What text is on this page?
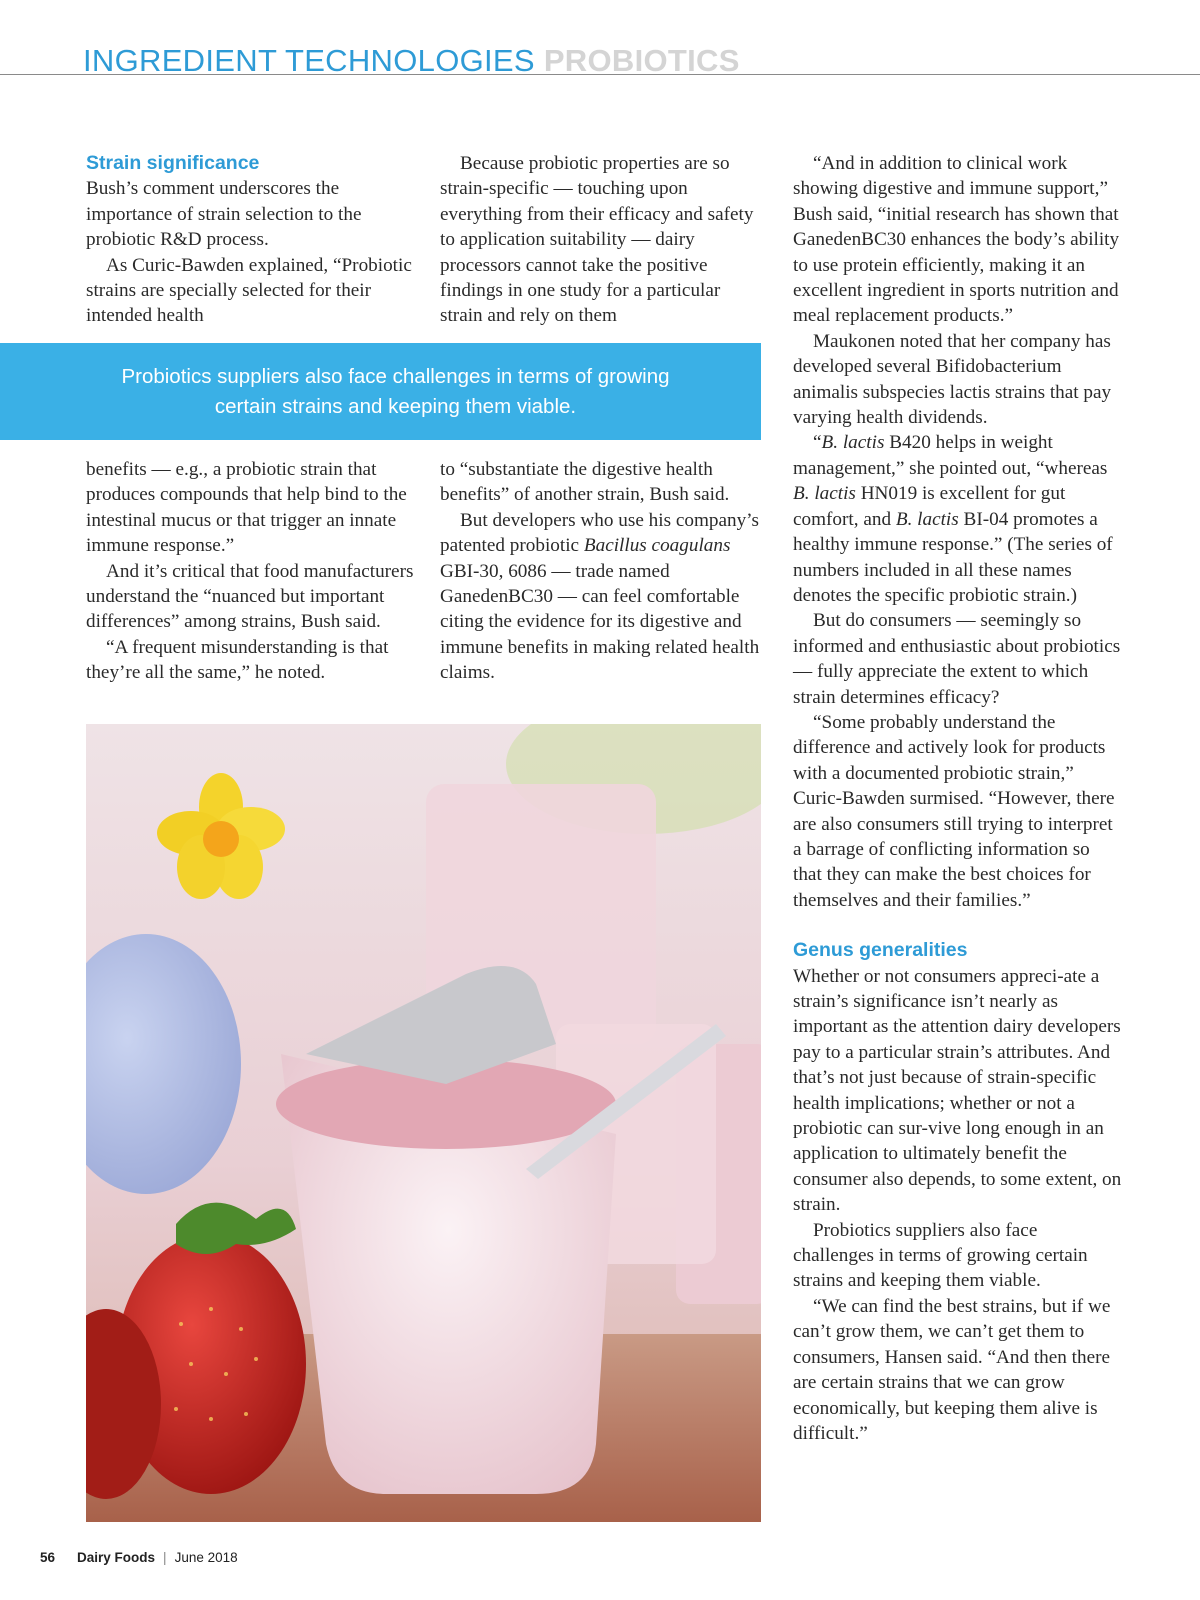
INGREDIENT TECHNOLOGIES PROBIOTICS
Strain significance

Bush’s comment underscores the importance of strain selection to the probiotic R&D process.

As Curic-Bawden explained, “Probiotic strains are specially selected for their intended health

Because probiotic properties are so strain-specific — touching upon everything from their efficacy and safety to application suitability — dairy processors cannot take the positive findings in one study for a particular strain and rely on them

Probiotics suppliers also face challenges in terms of growing certain strains and keeping them viable.

benefits — e.g., a probiotic strain that produces compounds that help bind to the intestinal mucus or that trigger an innate immune response.”

And it’s critical that food manufacturers understand the “nuanced but important differences” among strains, Bush said.

“A frequent misunderstanding is that they’re all the same,” he noted.

to “substantiate the digestive health benefits” of another strain, Bush said.

But developers who use his company’s patented probiotic Bacillus coagulans GBI-30, 6086 — trade named GanedenBC30 — can feel comfortable citing the evidence for its digestive and immune benefits in making related health claims.

“And in addition to clinical work showing digestive and immune support,” Bush said, “initial research has shown that GanedenBC30 enhances the body’s ability to use protein efficiently, making it an excellent ingredient in sports nutrition and meal replacement products.”

Maukonen noted that her company has developed several Bifidobacterium animalis subspecies lactis strains that pay varying health dividends.

“B. lactis B420 helps in weight management,” she pointed out, “whereas B. lactis HN019 is excellent for gut comfort, and B. lactis BI-04 promotes a healthy immune response.” (The series of numbers included in all these names denotes the specific probiotic strain.)

But do consumers — seemingly so informed and enthusiastic about probiotics — fully appreciate the extent to which strain determines efficacy?

“Some probably understand the difference and actively look for products with a documented probiotic strain,” Curic-Bawden surmised. “However, there are also consumers still trying to interpret a barrage of conflicting information so that they can make the best choices for themselves and their families.”

Genus generalities

Whether or not consumers appreci-ate a strain’s significance isn’t nearly as important as the attention dairy developers pay to a particular strain’s attributes. And that’s not just because of strain-specific health implications; whether or not a probiotic can sur-vive long enough in an application to ultimately benefit the consumer also depends, to some extent, on strain.

Probiotics suppliers also face challenges in terms of growing certain strains and keeping them viable.

“We can find the best strains, but if we can’t grow them, we can’t get them to consumers, Hansen said. “And then there are certain strains that we can grow economically, but keeping them alive is difficult.”

56 Dairy Foods | June 2018
